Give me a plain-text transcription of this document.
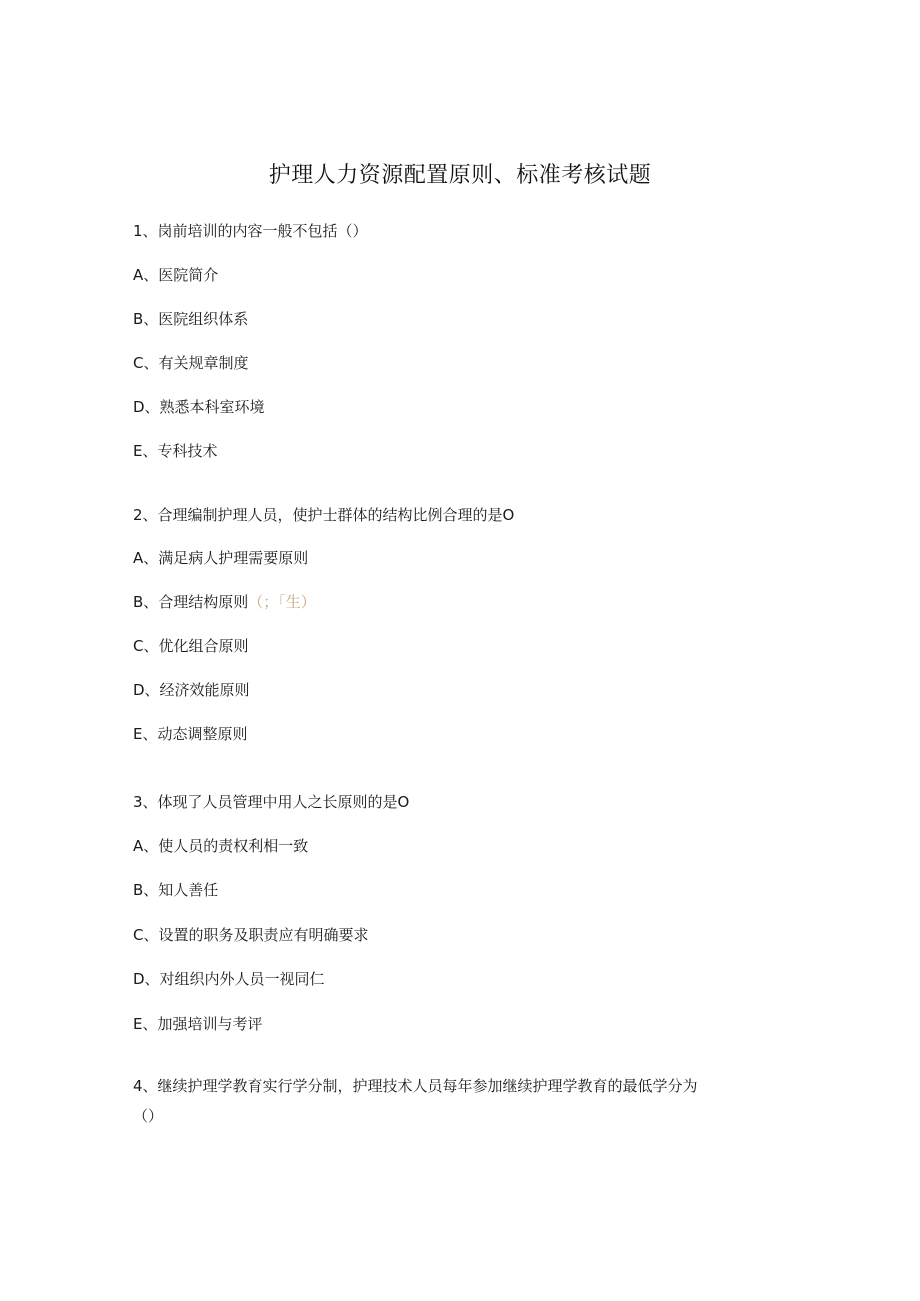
护理人力资源配置原则、标准考核试题
1、岗前培训的内容一般不包括（）
A、医院简介
B、医院组织体系
C、有关规章制度
D、熟悉本科室环境
E、专科技术
2、合理编制护理人员，使护士群体的结构比例合理的是O
A、满足病人护理需要原则
B、合理结构原则（；「生）
C、优化组合原则
D、经济效能原则
E、动态调整原则
3、体现了人员管理中用人之长原则的是O
A、使人员的责权利相一致
B、知人善任
C、设置的职务及职责应有明确要求
D、对组织内外人员一视同仁
E、加强培训与考评
4、继续护理学教育实行学分制，护理技术人员每年参加继续护理学教育的最低学分为
（）
